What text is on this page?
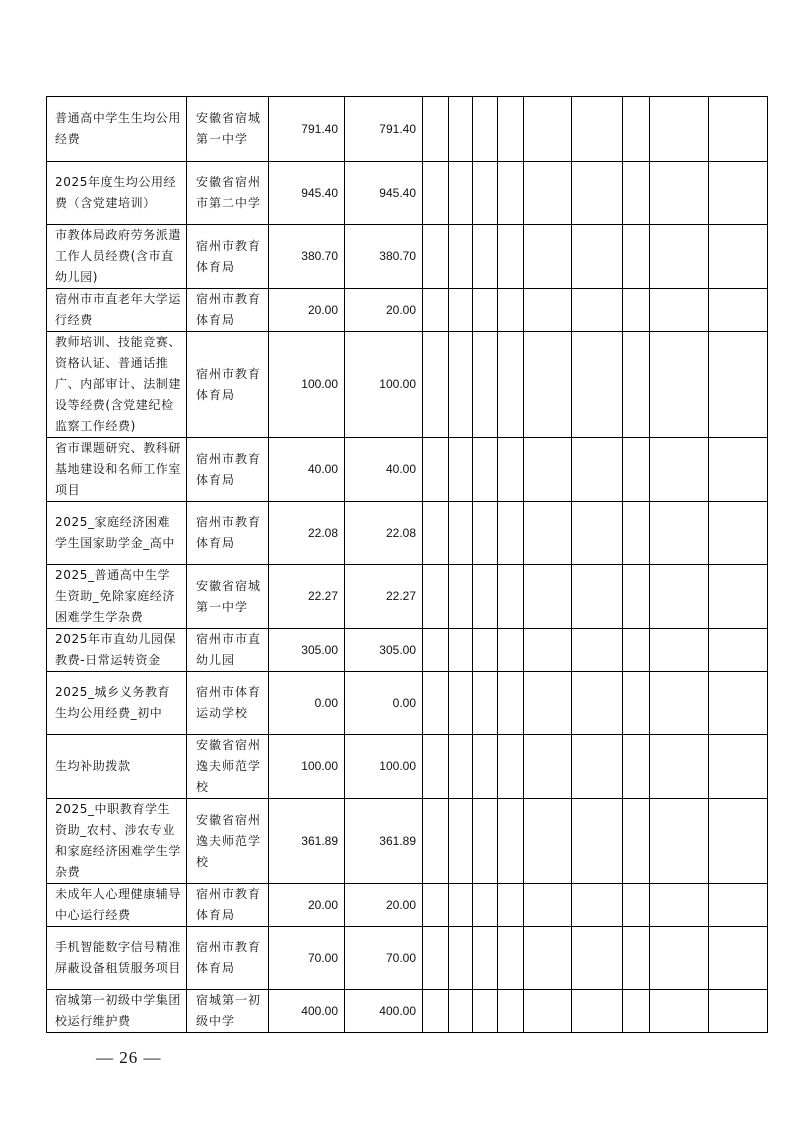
普通高中学生生均公用经费	安徽省宿城第一中学	791.40	791.40									
2025年度生均公用经费（含党建培训）	安徽省宿州市第二中学	945.40	945.40									
市教体局政府劳务派遣工作人员经费(含市直幼儿园)	宿州市教育体育局	380.70	380.70									
宿州市市直老年大学运行经费	宿州市教育体育局	20.00	20.00									
教师培训、技能竞赛、资格认证、普通话推广、内部审计、法制建设等经费(含党建纪检监察工作经费)	宿州市教育体育局	100.00	100.00									
省市课题研究、教科研基地建设和名师工作室项目	宿州市教育体育局	40.00	40.00									
2025_家庭经济困难学生国家助学金_高中	宿州市教育体育局	22.08	22.08									
2025_普通高中生学生资助_免除家庭经济困难学生学杂费	安徽省宿城第一中学	22.27	22.27									
2025年市直幼儿园保教费-日常运转资金	宿州市市直幼儿园	305.00	305.00									
2025_城乡义务教育生均公用经费_初中	宿州市体育运动学校	0.00	0.00									
生均补助拨款	安徽省宿州逸夫师范学校	100.00	100.00									
2025_中职教育学生资助_农村、涉农专业和家庭经济困难学生学杂费	安徽省宿州逸夫师范学校	361.89	361.89									
未成年人心理健康辅导中心运行经费	宿州市教育体育局	20.00	20.00									
手机智能数字信号精准屏蔽设备租赁服务项目	宿州市教育体育局	70.00	70.00									
宿城第一初级中学集团校运行维护费	宿城第一初级中学	400.00	400.00									
— 26 —
